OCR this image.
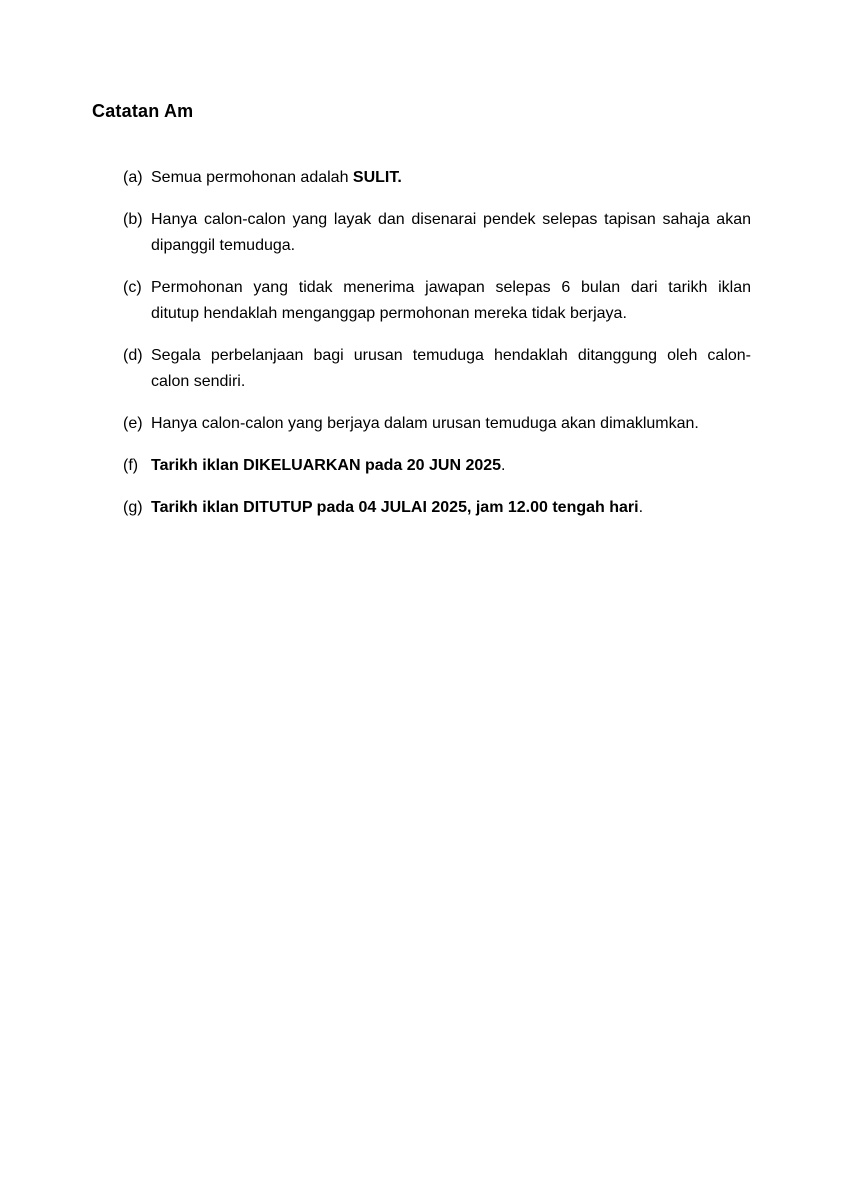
Catatan Am
(a) Semua permohonan adalah SULIT.
(b) Hanya calon-calon yang layak dan disenarai pendek selepas tapisan sahaja akan
dipanggil temuduga.
(c) Permohonan yang tidak menerima jawapan selepas 6 bulan dari tarikh iklan
ditutup hendaklah menganggap permohonan mereka tidak berjaya.
(d) Segala perbelanjaan bagi urusan temuduga hendaklah ditanggung oleh calon-
calon sendiri.
(e) Hanya calon-calon yang berjaya dalam urusan temuduga akan dimaklumkan.
(f) Tarikh iklan DIKELUARKAN pada 20 JUN 2025.
(g) Tarikh iklan DITUTUP pada 04 JULAI 2025, jam 12.00 tengah hari.
